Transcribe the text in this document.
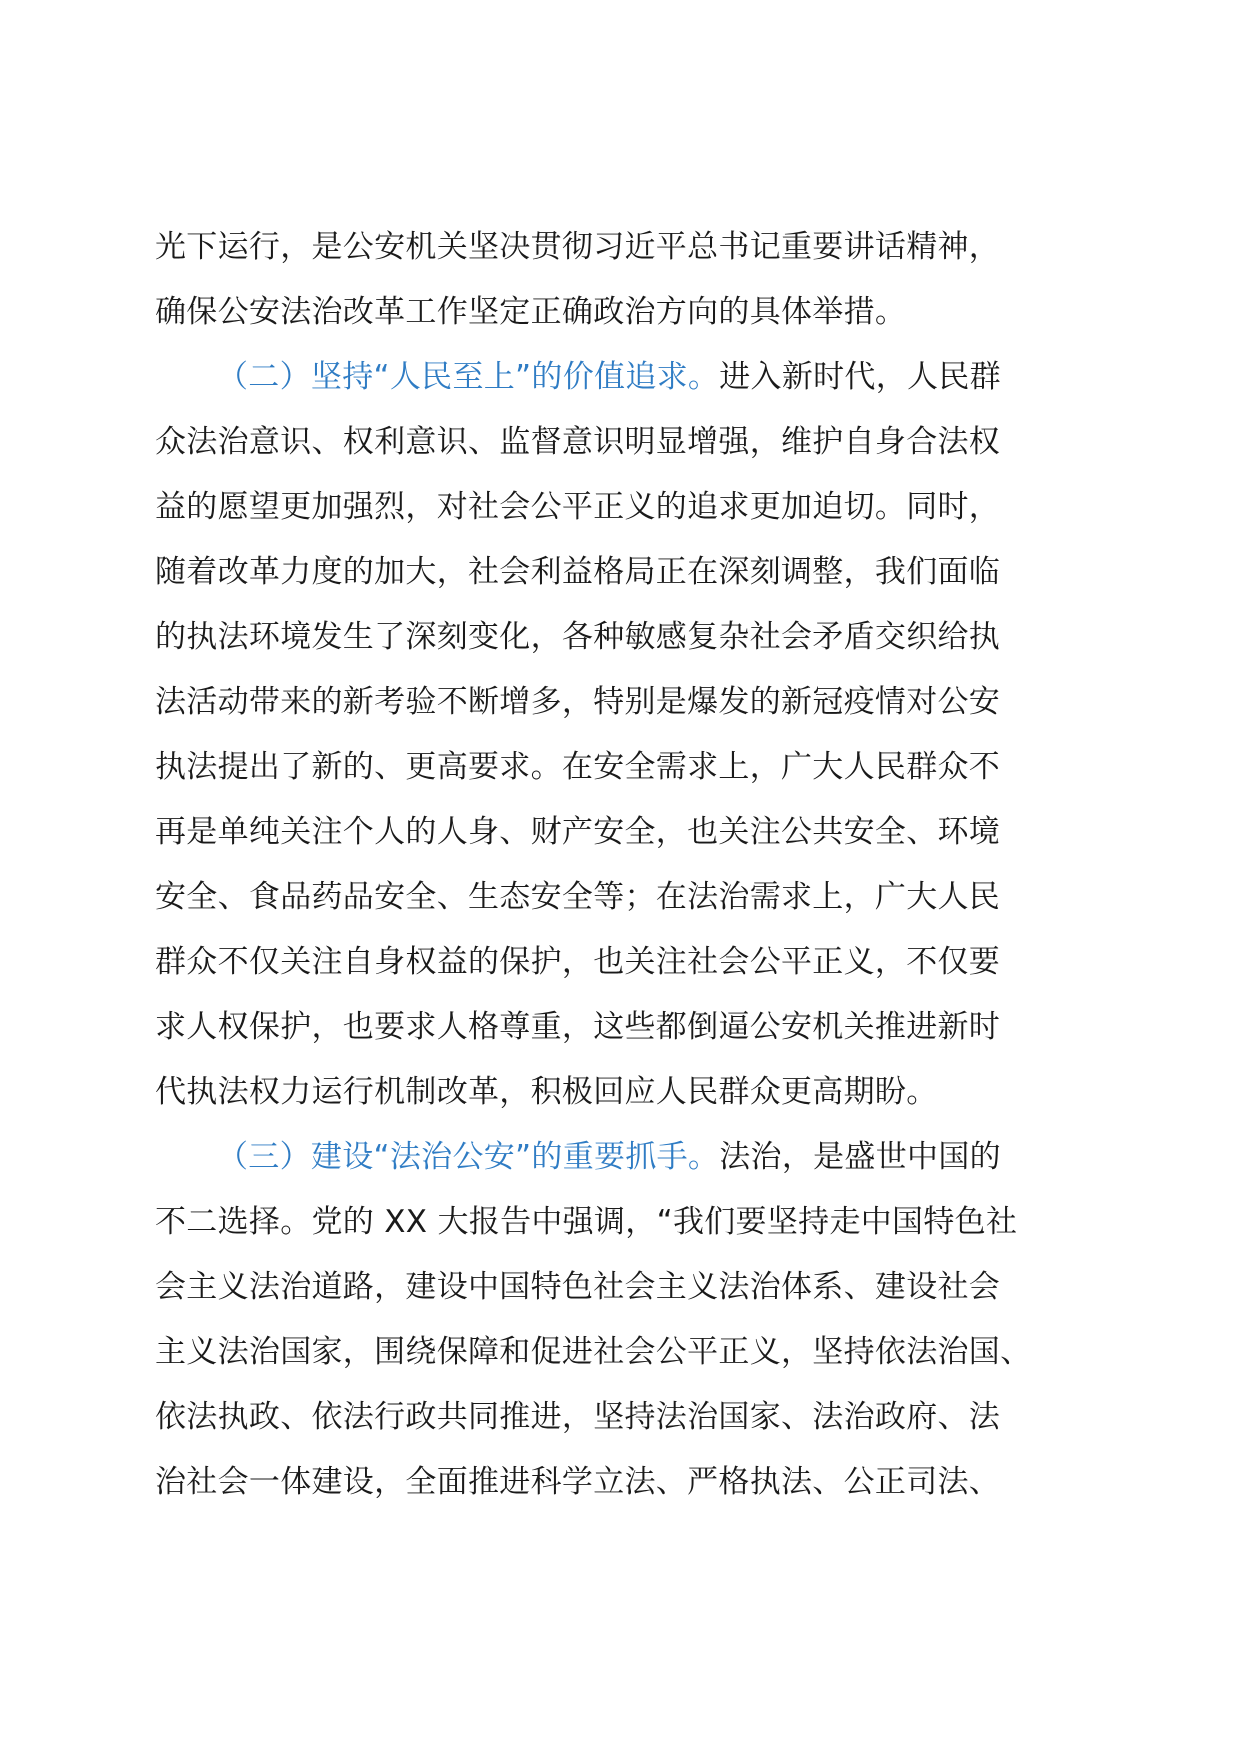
光下运行，是公安机关坚决贯彻习近平总书记重要讲话精神，
确保公安法治改革工作坚定正确政治方向的具体举措。
（二）坚持“人民至上”的价值追求。进入新时代，人民群
众法治意识、权利意识、监督意识明显增强，维护自身合法权
益的愿望更加强烈，对社会公平正义的追求更加迫切。同时，
随着改革力度的加大，社会利益格局正在深刻调整，我们面临
的执法环境发生了深刻变化，各种敏感复杂社会矛盾交织给执
法活动带来的新考验不断增多，特别是爆发的新冠疫情对公安
执法提出了新的、更高要求。在安全需求上，广大人民群众不
再是单纯关注个人的人身、财产安全，也关注公共安全、环境
安全、食品药品安全、生态安全等；在法治需求上，广大人民
群众不仅关注自身权益的保护，也关注社会公平正义，不仅要
求人权保护，也要求人格尊重，这些都倒逼公安机关推进新时
代执法权力运行机制改革，积极回应人民群众更高期盼。
（三）建设“法治公安”的重要抓手。法治，是盛世中国的
不二选择。党的 XX 大报告中强调，“我们要坚持走中国特色社
会主义法治道路，建设中国特色社会主义法治体系、建设社会
主义法治国家，围绕保障和促进社会公平正义，坚持依法治国、
依法执政、依法行政共同推进，坚持法治国家、法治政府、法
治社会一体建设，全面推进科学立法、严格执法、公正司法、
